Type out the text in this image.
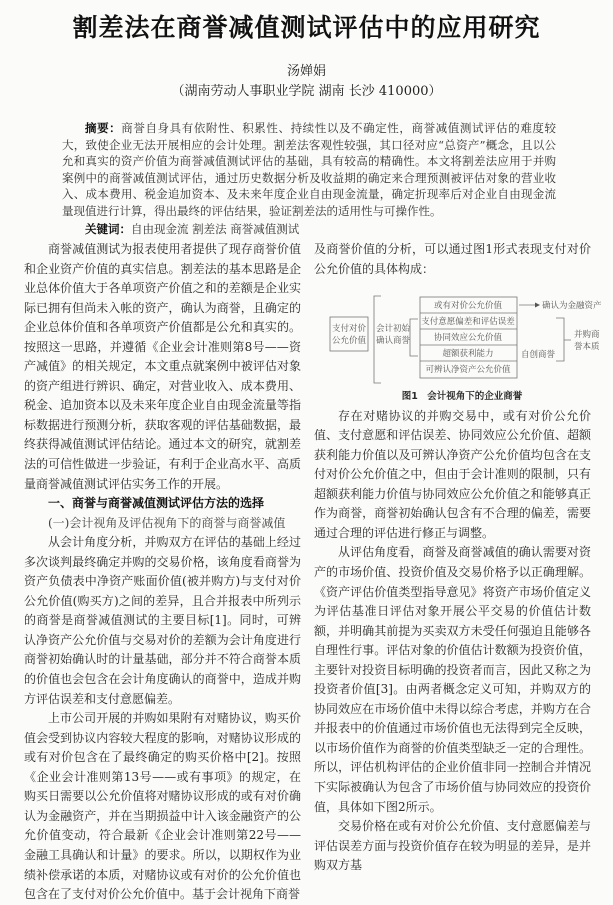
割差法在商誉减值测试评估中的应用研究
汤婵娟
（湖南劳动人事职业学院 湖南 长沙 410000）
摘要：商誉自身具有依附性、积累性、持续性以及不确定性，商誉减值测试评估的难度较大，致使企业无法开展相应的会计处理。割差法客观性较强，其口径对应“总资产”概念，且以公允和真实的资产价值为商誉减值测试评估的基础，具有较高的精确性。本文将割差法应用于并购案例中的商誉减值测试评估，通过历史数据分析及收益期的确定来合理预测被评估对象的营业收入、成本费用、税金追加资本、及未来年度企业自由现金流量，确定折现率后对企业自由现金流量现值进行计算，得出最终的评估结果，验证割差法的适用性与可操作性。
关键词：自由现金流 割差法 商誉减值测试

商誉减值测试为报表使用者提供了现存商誉价值和企业资产价值的真实信息。割差法的基本思路是企业总体价值大于各单项资产价值之和的差额是企业实际已拥有但尚未入帐的资产，确认为商誉，且确定的企业总体价值和各单项资产价值都是公允和真实的。按照这一思路，并遵循《企业会计准则第8号——资产减值》的相关规定，本文重点就案例中被评估对象的资产组进行辨识、确定，对营业收入、成本费用、税金、追加资本以及未来年度企业自由现金流量等指标数据进行预测分析，获取客观的评估基础数据，最终获得减值测试评估结论。通过本文的研究，就割差法的可信性做进一步验证，有利于企业高水平、高质量商誉减值测试评估实务工作的开展。

一、商誉与商誉减值测试评估方法的选择

(一)会计视角及评估视角下的商誉与商誉减值

从会计角度分析，并购双方在评估的基础上经过多次谈判最终确定并购的交易价格，该角度看商誉为资产负债表中净资产账面价值(被并购方)与支付对价公允价值(购买方)之间的差异，且合并报表中所列示的商誉是商誉减值测试的主要目标[1]。同时，可辨认净资产公允价值与交易对价的差额为会计角度进行商誉初始确认时的计量基础，部分并不符合商誉本质的价值也会包含在会计角度确认的商誉中，造成并购方评估误差和支付意愿偏差。

上市公司开展的并购如果附有对赌协议，购买价值会受到协议内容较大程度的影响，对赌协议形成的或有对价包含在了最终确定的购买价格中[2]。按照《企业会计准则第13号——或有事项》的规定，在购买日需要以公允价值将对赌协议形成的或有对价确认为金融资产，并在当期损益中计入该金融资产的公允价值变动，符合最新《企业会计准则第22号——金融工具确认和计量》的要求。所以，以期权作为业绩补偿承诺的本质，对赌协议或有对价的公允价值也包含在了支付对价公允价值中。基于会计视角下商誉

及商誉价值的分析，可以通过图1形式表现支付对价公允价值的具体构成：

图1　会计视角下的企业商誉

存在对赌协议的并购交易中，或有对价公允价值、支付意愿和评估误差、协同效应公允价值、超额获利能力价值以及可辨认净资产公允价值均包含在支付对价公允价值之中，但由于会计准则的限制，只有超额获利能力价值与协同效应公允价值之和能够真正作为商誉，商誉初始确认包含有不合理的偏差，需要通过合理的评估进行修正与调整。

从评估角度看，商誉及商誉减值的确认需要对资产的市场价值、投资价值及交易价格予以正确理解。《资产评估价值类型指导意见》将资产市场价值定义为评估基准日评估对象开展公平交易的价值估计数额，并明确其前提为买卖双方未受任何强迫且能够各自理性行事。评估对象的价值估计数额为投资价值，主要针对投资目标明确的投资者而言，因此又称之为投资者价值[3]。由两者概念定义可知，并购双方的协同效应在市场价值中未得以综合考虑，并购方在合并报表中的价值通过市场价值也无法得到完全反映，以市场价值作为商誉的价值类型缺乏一定的合理性。所以，评估机构评估的企业价值非同一控制合并情况下实际被确认为包含了市场价值与协同效应的投资价值，具体如下图2所示。

交易价格在或有对价公允价值、支付意愿偏差与评估误差方面与投资价值存在较为明显的差异，是并购双方基

支付对价
公允价值
会计初始
确认商誉
或有对价公允价值
支付意愿偏差和评估误差
协同效应公允价值
超额获利能力
可辨认净资产公允价值
确认为金融资产
自创商誉
并购商
誉本质
